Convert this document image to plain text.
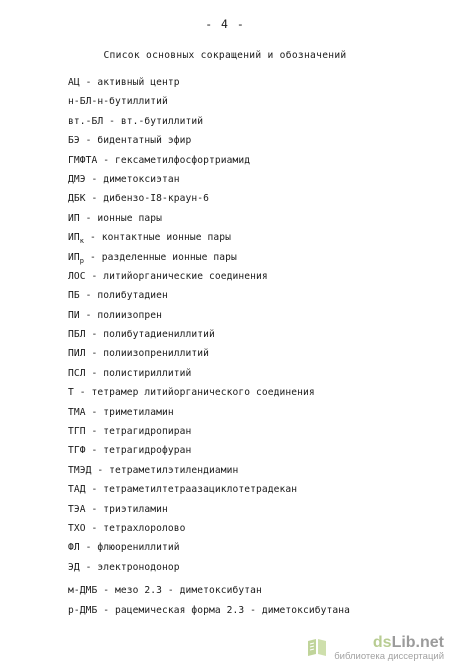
- 4 -
Список основных сокращений и обозначений
АЦ - активный центр
н-БЛ-н-бутиллитий
вт.-БЛ - вт.-бутиллитий
БЭ - бидентатный эфир
ГМФТА - гексаметилфосфортриамид
ДМЭ - диметоксиэтан
ДБК - дибензо-I8-краун-6
ИП - ионные пары
$ИП_к$ - контактные ионные пары
$ИП_р$ - разделенные ионные пары
ЛОС - литийорганические соединения
ПБ - полибутадиен
ПИ - полиизопрен
ПБЛ - полибутадиениллитий
ПИЛ - полиизопрениллитий
ПСЛ - полистириллитий
Т - тетрамер литийорганического соединения
ТМА - триметиламин
ТГП - тетрагидропиран
ТГФ - тетрагидрофуран
ТМЭД - тетраметилэтилендиамин
ТАД - тетраметилтетраазациклотетрадекан
ТЭА - триэтиламин
ТХО - тетрахлоролово
ФЛ - флюорениллитий
ЭД - электронодонор
м-ДМБ - мезо 2.3 - диметоксибутан
р-ДМБ - рацемическая форма 2.3 - диметоксибутана
dsLib.net
библиотека диссертаций
